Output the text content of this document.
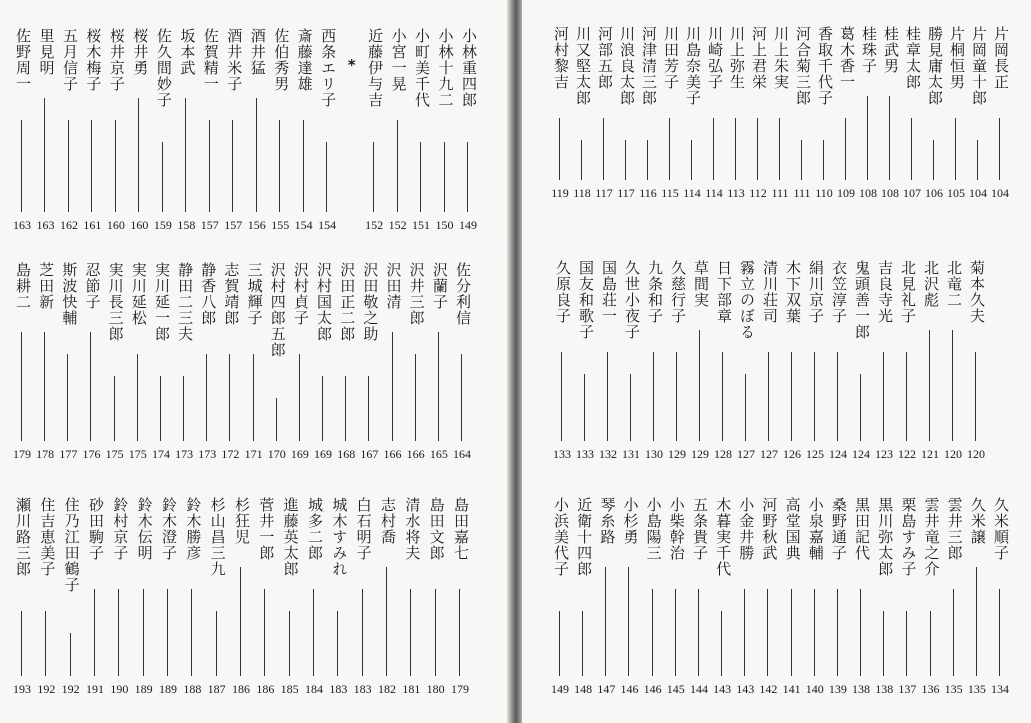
小林重四郎
149
小林十九二
150
小町美千代
151
小宮一晃
152
近藤伊与吉
152
*
西条エリ子
154
斎藤達雄
154
佐伯秀男
155
酒井猛
156
酒井米子
157
佐賀精一
157
坂本武
158
佐久間妙子
159
桜井勇
160
桜井京子
160
桜木梅子
161
五月信子
162
里見明
163
佐野周一
163
佐分利信
164
沢蘭子
165
沢井三郎
166
沢田清
166
沢田敬之助
167
沢田正二郎
168
沢村国太郎
169
沢村貞子
169
沢村四郎五郎
170
三城輝子
171
志賀靖郎
172
静香八郎
173
静田二三夫
173
実川延一郎
174
実川延松
175
実川長三郎
175
忍節子
176
斯波快輔
177
芝田新
178
島耕二
179
島田嘉七
179
島田文郎
180
清水将夫
181
志村喬
182
白石明子
183
城木すみれ
183
城多二郎
184
進藤英太郎
185
菅井一郎
186
杉狂児
186
杉山昌三九
187
鈴木勝彦
188
鈴木澄子
189
鈴木伝明
189
鈴村京子
190
砂田駒子
191
住乃江田鶴子
192
住吉恵美子
192
瀬川路三郎
193
片岡長正
104
片岡童十郎
104
片桐恒男
105
勝見庸太郎
106
桂章太郎
107
桂武男
108
桂珠子
108
葛木香一
109
香取千代子
110
河合菊三郎
111
川上朱実
111
河上君栄
112
川上弥生
113
川崎弘子
114
川島奈美子
114
川田芳子
115
河津清三郎
116
川浪良太郎
117
河部五郎
117
川又堅太郎
118
河村黎吉
119
菊本久夫
120
北竜二
120
北沢彪
121
北見礼子
122
吉良寺光
123
鬼頭善一郎
124
衣笠淳子
124
絹川京子
125
木下双葉
126
清川荘司
127
霧立のぼる
127
日下部章
128
草間実
129
久慈行子
129
九条和子
130
久世小夜子
131
国島荘一
132
国友和歌子
133
久原良子
133
久米順子
134
久米譲
135
雲井三郎
135
雲井竜之介
136
栗島すみ子
137
黒川弥太郎
138
黒田記代
138
桑野通子
139
小泉嘉輔
140
高堂国典
141
河野秋武
142
小金井勝
143
木暮実千代
143
五条貴子
144
小柴幹治
145
小島陽三
146
小杉勇
146
琴糸路
147
近衛十四郎
148
小浜美代子
149
